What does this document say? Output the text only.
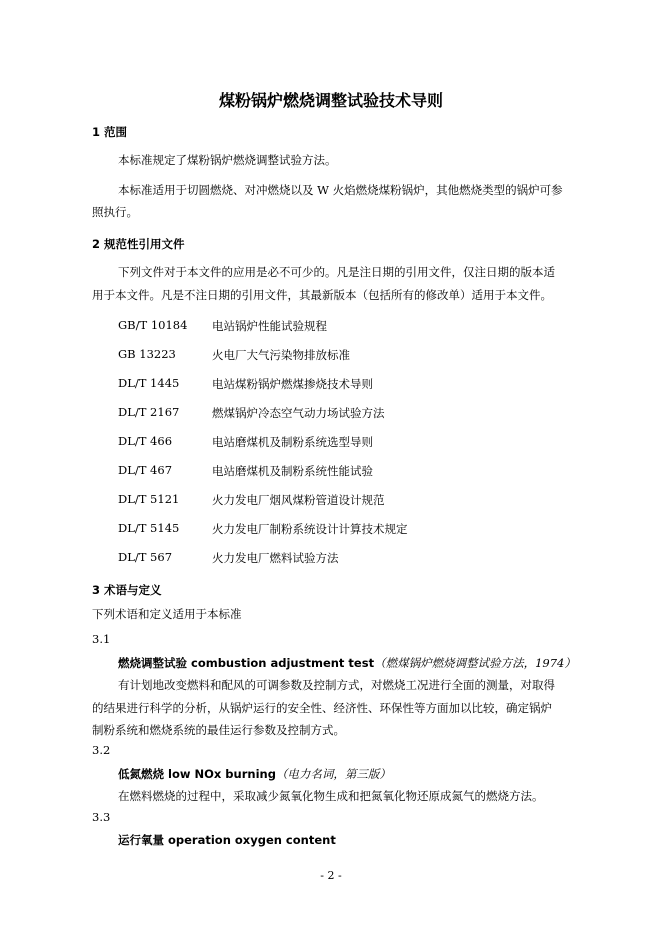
煤粉锅炉燃烧调整试验技术导则
1 范围
本标准规定了煤粉锅炉燃烧调整试验方法。
本标准适用于切圆燃烧、对冲燃烧以及 W 火焰燃烧煤粉锅炉，其他燃烧类型的锅炉可参
照执行。
2 规范性引用文件
下列文件对于本文件的应用是必不可少的。凡是注日期的引用文件，仅注日期的版本适
用于本文件。凡是不注日期的引用文件，其最新版本（包括所有的修改单）适用于本文件。
GB/T 10184 电站锅炉性能试验规程
GB 13223	火电厂大气污染物排放标准
DL/T 1445	电站煤粉锅炉燃煤掺烧技术导则
DL/T 2167	燃煤锅炉冷态空气动力场试验方法
DL/T 466	电站磨煤机及制粉系统选型导则
DL/T 467	电站磨煤机及制粉系统性能试验
DL/T 5121	火力发电厂烟风煤粉管道设计规范
DL/T 5145	火力发电厂制粉系统设计计算技术规定
DL/T 567	火力发电厂燃料试验方法
3 术语与定义
下列术语和定义适用于本标准
3.1
燃烧调整试验 combustion adjustment test（燃煤锅炉燃烧调整试验方法，1974）
有计划地改变燃料和配风的可调参数及控制方式，对燃烧工况进行全面的测量，对取得
的结果进行科学的分析，从锅炉运行的安全性、经济性、环保性等方面加以比较，确定锅炉
制粉系统和燃烧系统的最佳运行参数及控制方式。
3.2
低氮燃烧 low NOx burning（电力名词，第三版）
在燃料燃烧的过程中，采取减少氮氧化物生成和把氮氧化物还原成氮气的燃烧方法。
3.3
运行氧量 operation oxygen content
- 2 -
